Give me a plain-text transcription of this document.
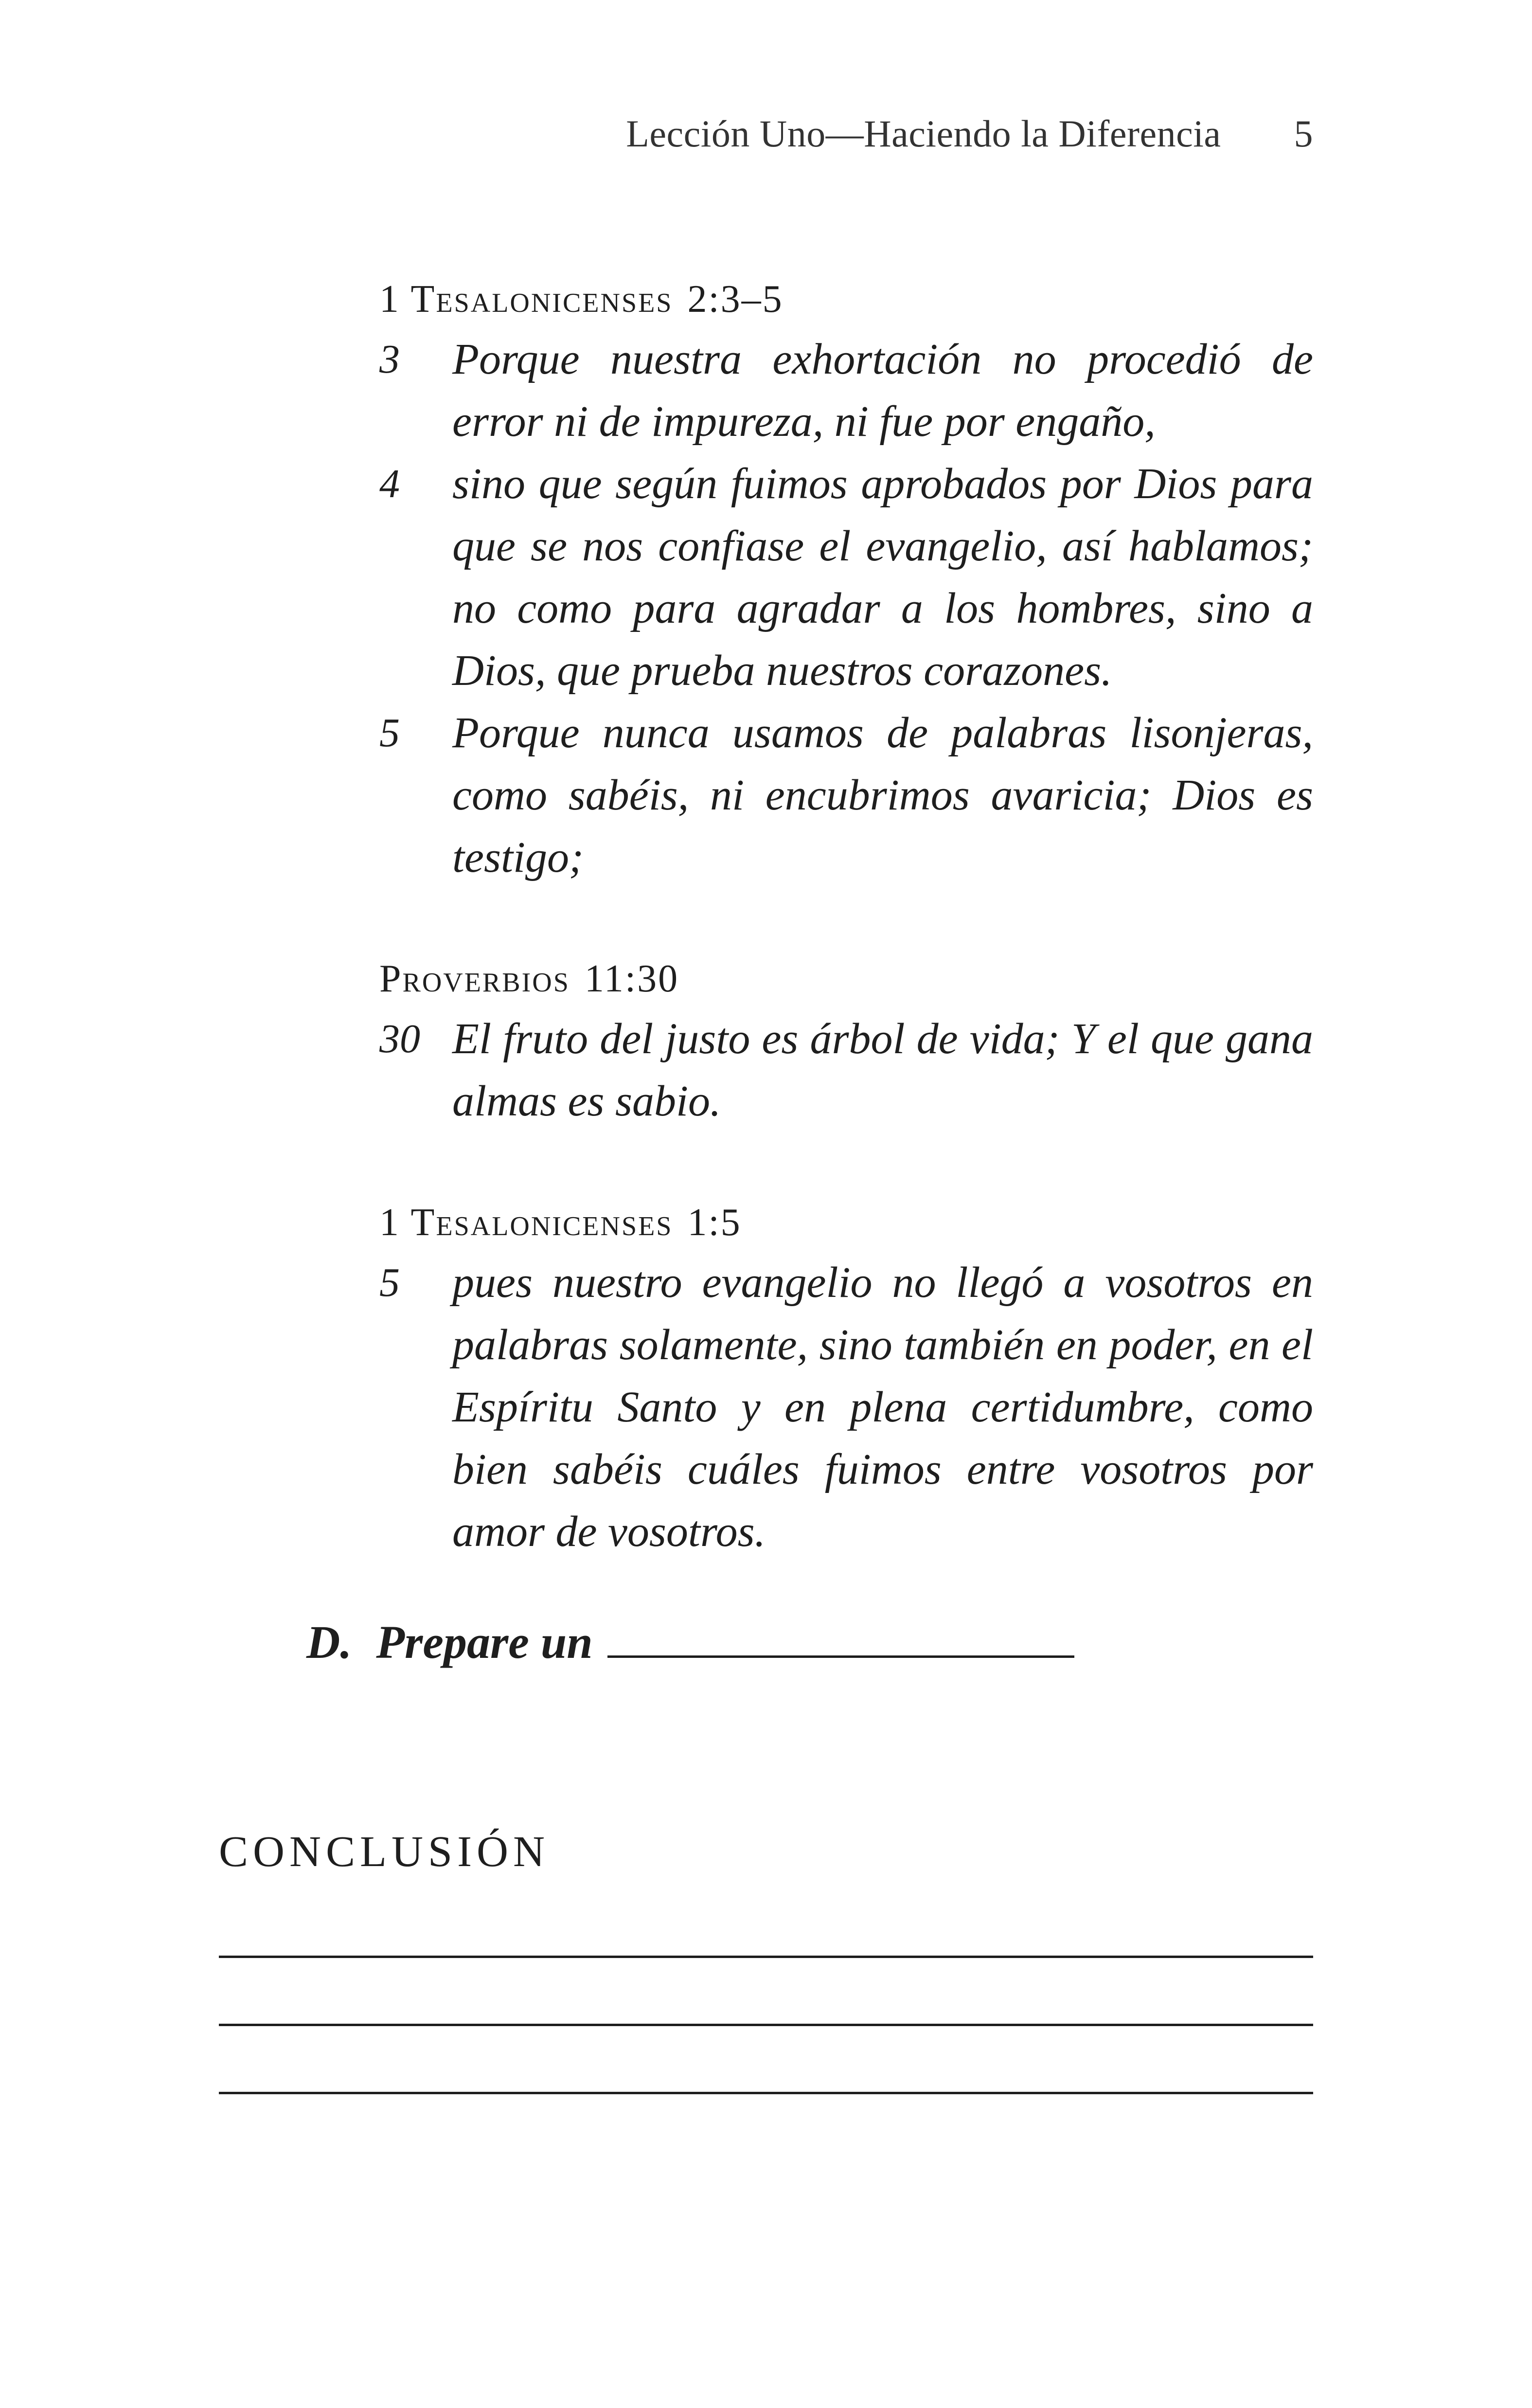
Lección Uno—Haciendo la Diferencia 5
1 Tesalonicenses 2:3–5
3	Porque nuestra exhortación no procedió de error ni de impureza, ni fue por engaño,
4	sino que según fuimos aprobados por Dios para que se nos confiase el evangelio, así hablamos; no como para agradar a los hombres, sino a Dios, que prueba nuestros corazones.
5	Porque nunca usamos de palabras lisonjeras, como sabéis, ni encubrimos avaricia; Dios es testigo;
Proverbios 11:30
30 El fruto del justo es árbol de vida; Y el que gana almas es sabio.
1 Tesalonicenses 1:5
5	pues nuestro evangelio no llegó a vosotros en palabras solamente, sino también en poder, en el Espíritu Santo y en plena certidumbre, como bien sabéis cuáles fuimos entre vosotros por amor de vosotros.
D. Prepare un
conclusión
